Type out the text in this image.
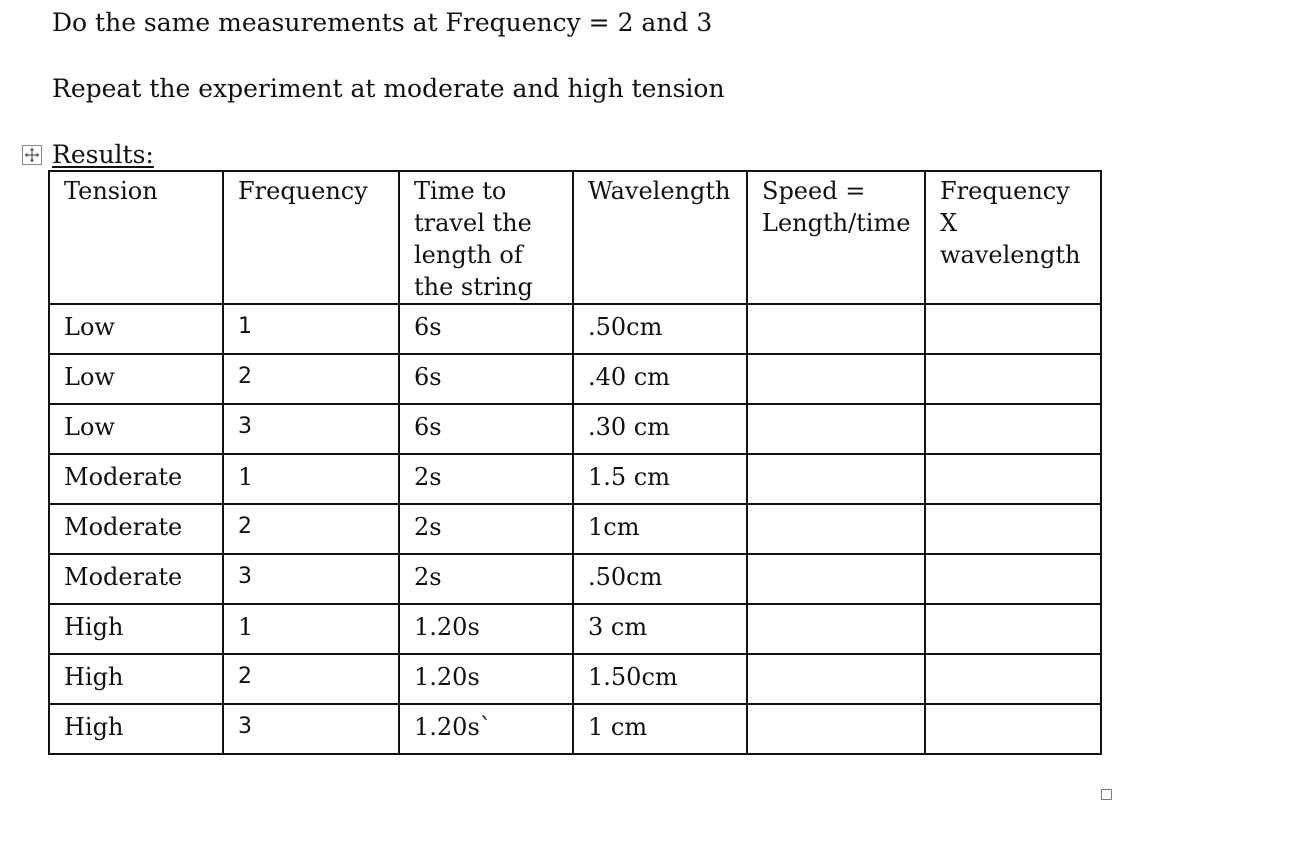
Do the same measurements at Frequency = 2 and 3
Repeat the experiment at moderate and high tension
Results:
Tension	Frequency	Time to travel the length of the string	Wavelength	Speed = Length/time	Frequency X wavelength
Low	1	6s	.50cm		
Low	2	6s	.40 cm		
Low	3	6s	.30 cm		
Moderate	1	2s	1.5 cm		
Moderate	2	2s	1cm		
Moderate	3	2s	.50cm		
High	1	1.20s	3 cm		
High	2	1.20s	1.50cm		
High	3	1.20s`	1 cm		
